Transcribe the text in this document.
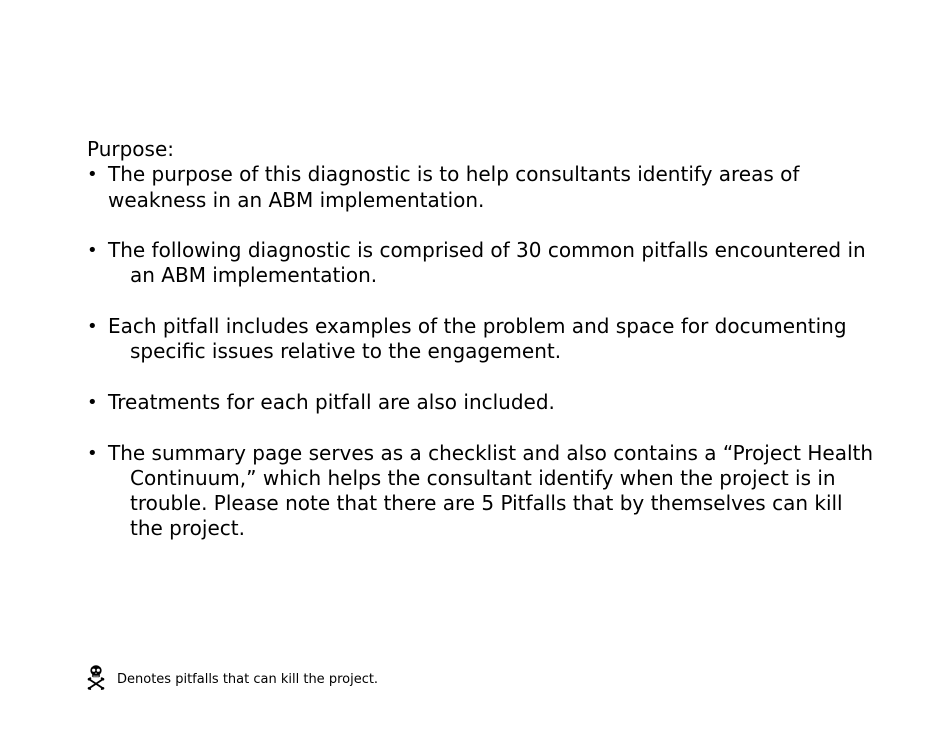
Purpose:

• The purpose of this diagnostic is to help consultants identify areas of weakness in an ABM implementation.
• The following diagnostic is comprised of 30 common pitfalls encountered in an ABM implementation.
• Each pitfall includes examples of the problem and space for documenting specific issues relative to the engagement.
• Treatments for each pitfall are also included.
• The summary page serves as a checklist and also contains a “Project Health Continuum,” which helps the consultant identify when the project is in trouble. Please note that there are 5 Pitfalls that by themselves can kill the project.
Denotes pitfalls that can kill the project.
